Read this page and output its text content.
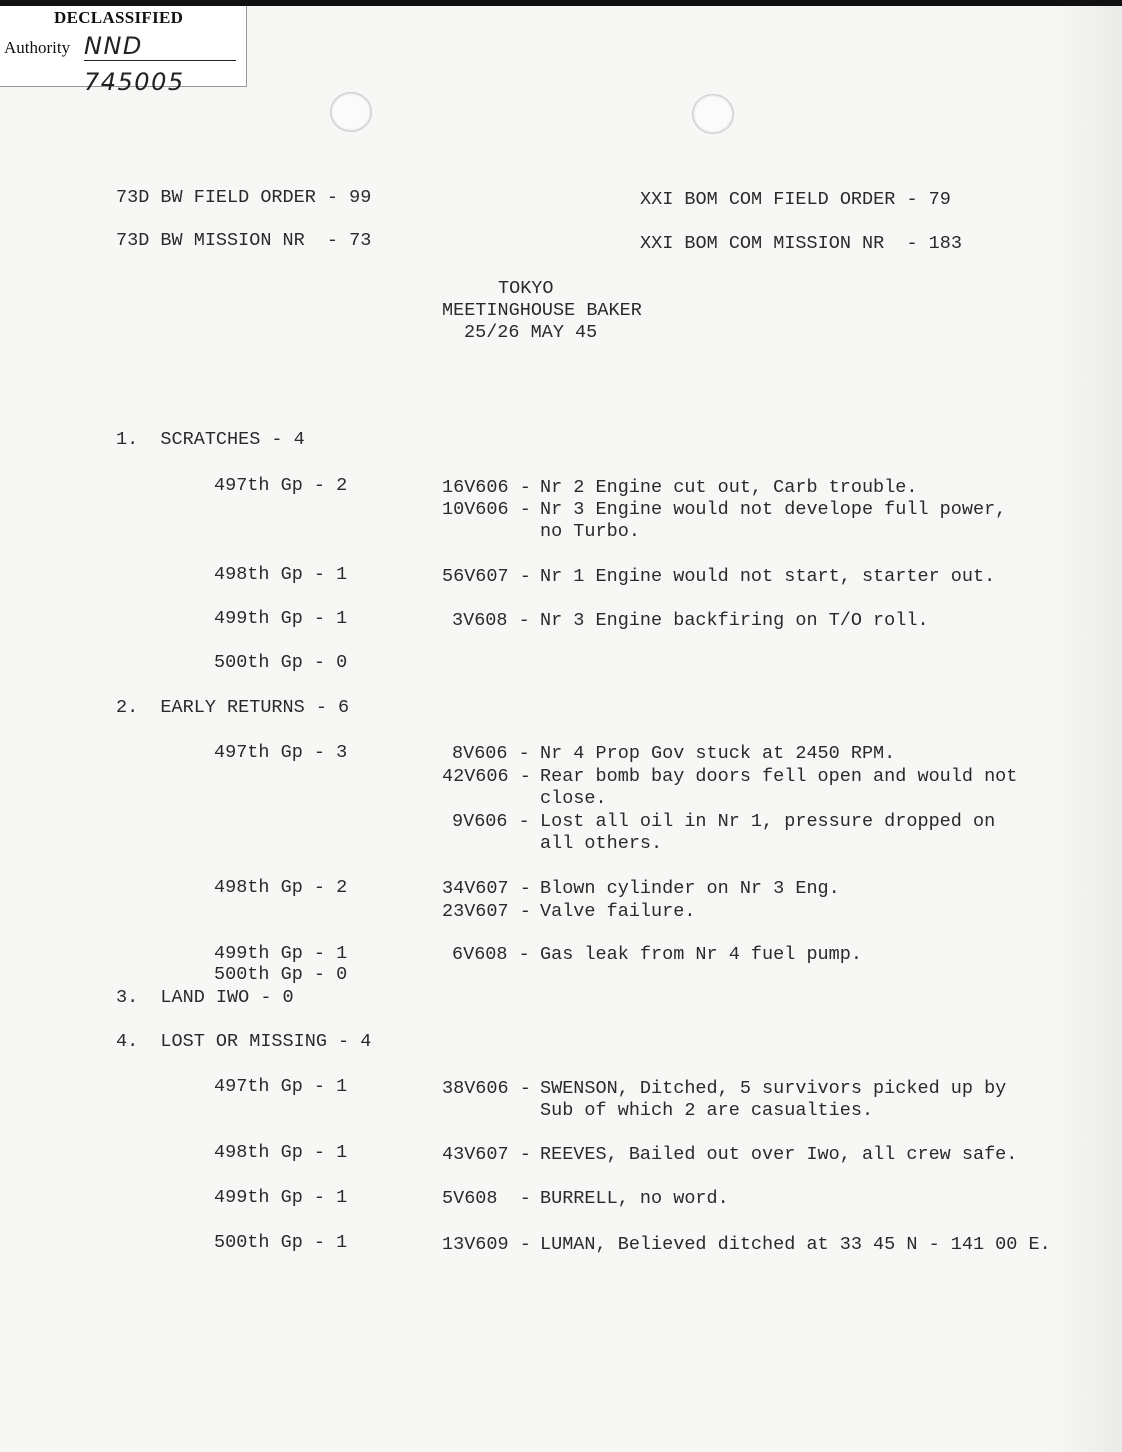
DECLASSIFIED
Authority NND 745005
73D BW FIELD ORDER - 99
73D BW MISSION NR  - 73
XXI BOM COM FIELD ORDER - 79
XXI BOM COM MISSION NR  - 183
TOKYO
MEETINGHOUSE BAKER
25/26 MAY 45
1.  SCRATCHES - 4
497th Gp - 2	16V606 - Nr 2 Engine cut out, Carb trouble.
10V606 - Nr 3 Engine would not develope full power,
no Turbo.
498th Gp - 1	56V607 - Nr 1 Engine would not start, starter out.
499th Gp - 1	3V608 - Nr 3 Engine backfiring on T/O roll.
500th Gp - 0
2.  EARLY RETURNS - 6
497th Gp - 3	8V606 - Nr 4 Prop Gov stuck at 2450 RPM.
42V606 - Rear bomb bay doors fell open and would not
close.
9V606 - Lost all oil in Nr 1, pressure dropped on
all others.
498th Gp - 2	34V607 - Blown cylinder on Nr 3 Eng.
23V607 - Valve failure.
499th Gp - 1	6V608 - Gas leak from Nr 4 fuel pump.
500th Gp - 0
3.  LAND IWO - 0
4.  LOST OR MISSING - 4
497th Gp - 1	38V606 - SWENSON, Ditched, 5 survivors picked up by
Sub of which 2 are casualties.
498th Gp - 1	43V607 - REEVES, Bailed out over Iwo, all crew safe.
499th Gp - 1	5V608  - BURRELL, no word.
500th Gp - 1	13V609 - LUMAN, Believed ditched at 33 45 N - 141 00 E.
